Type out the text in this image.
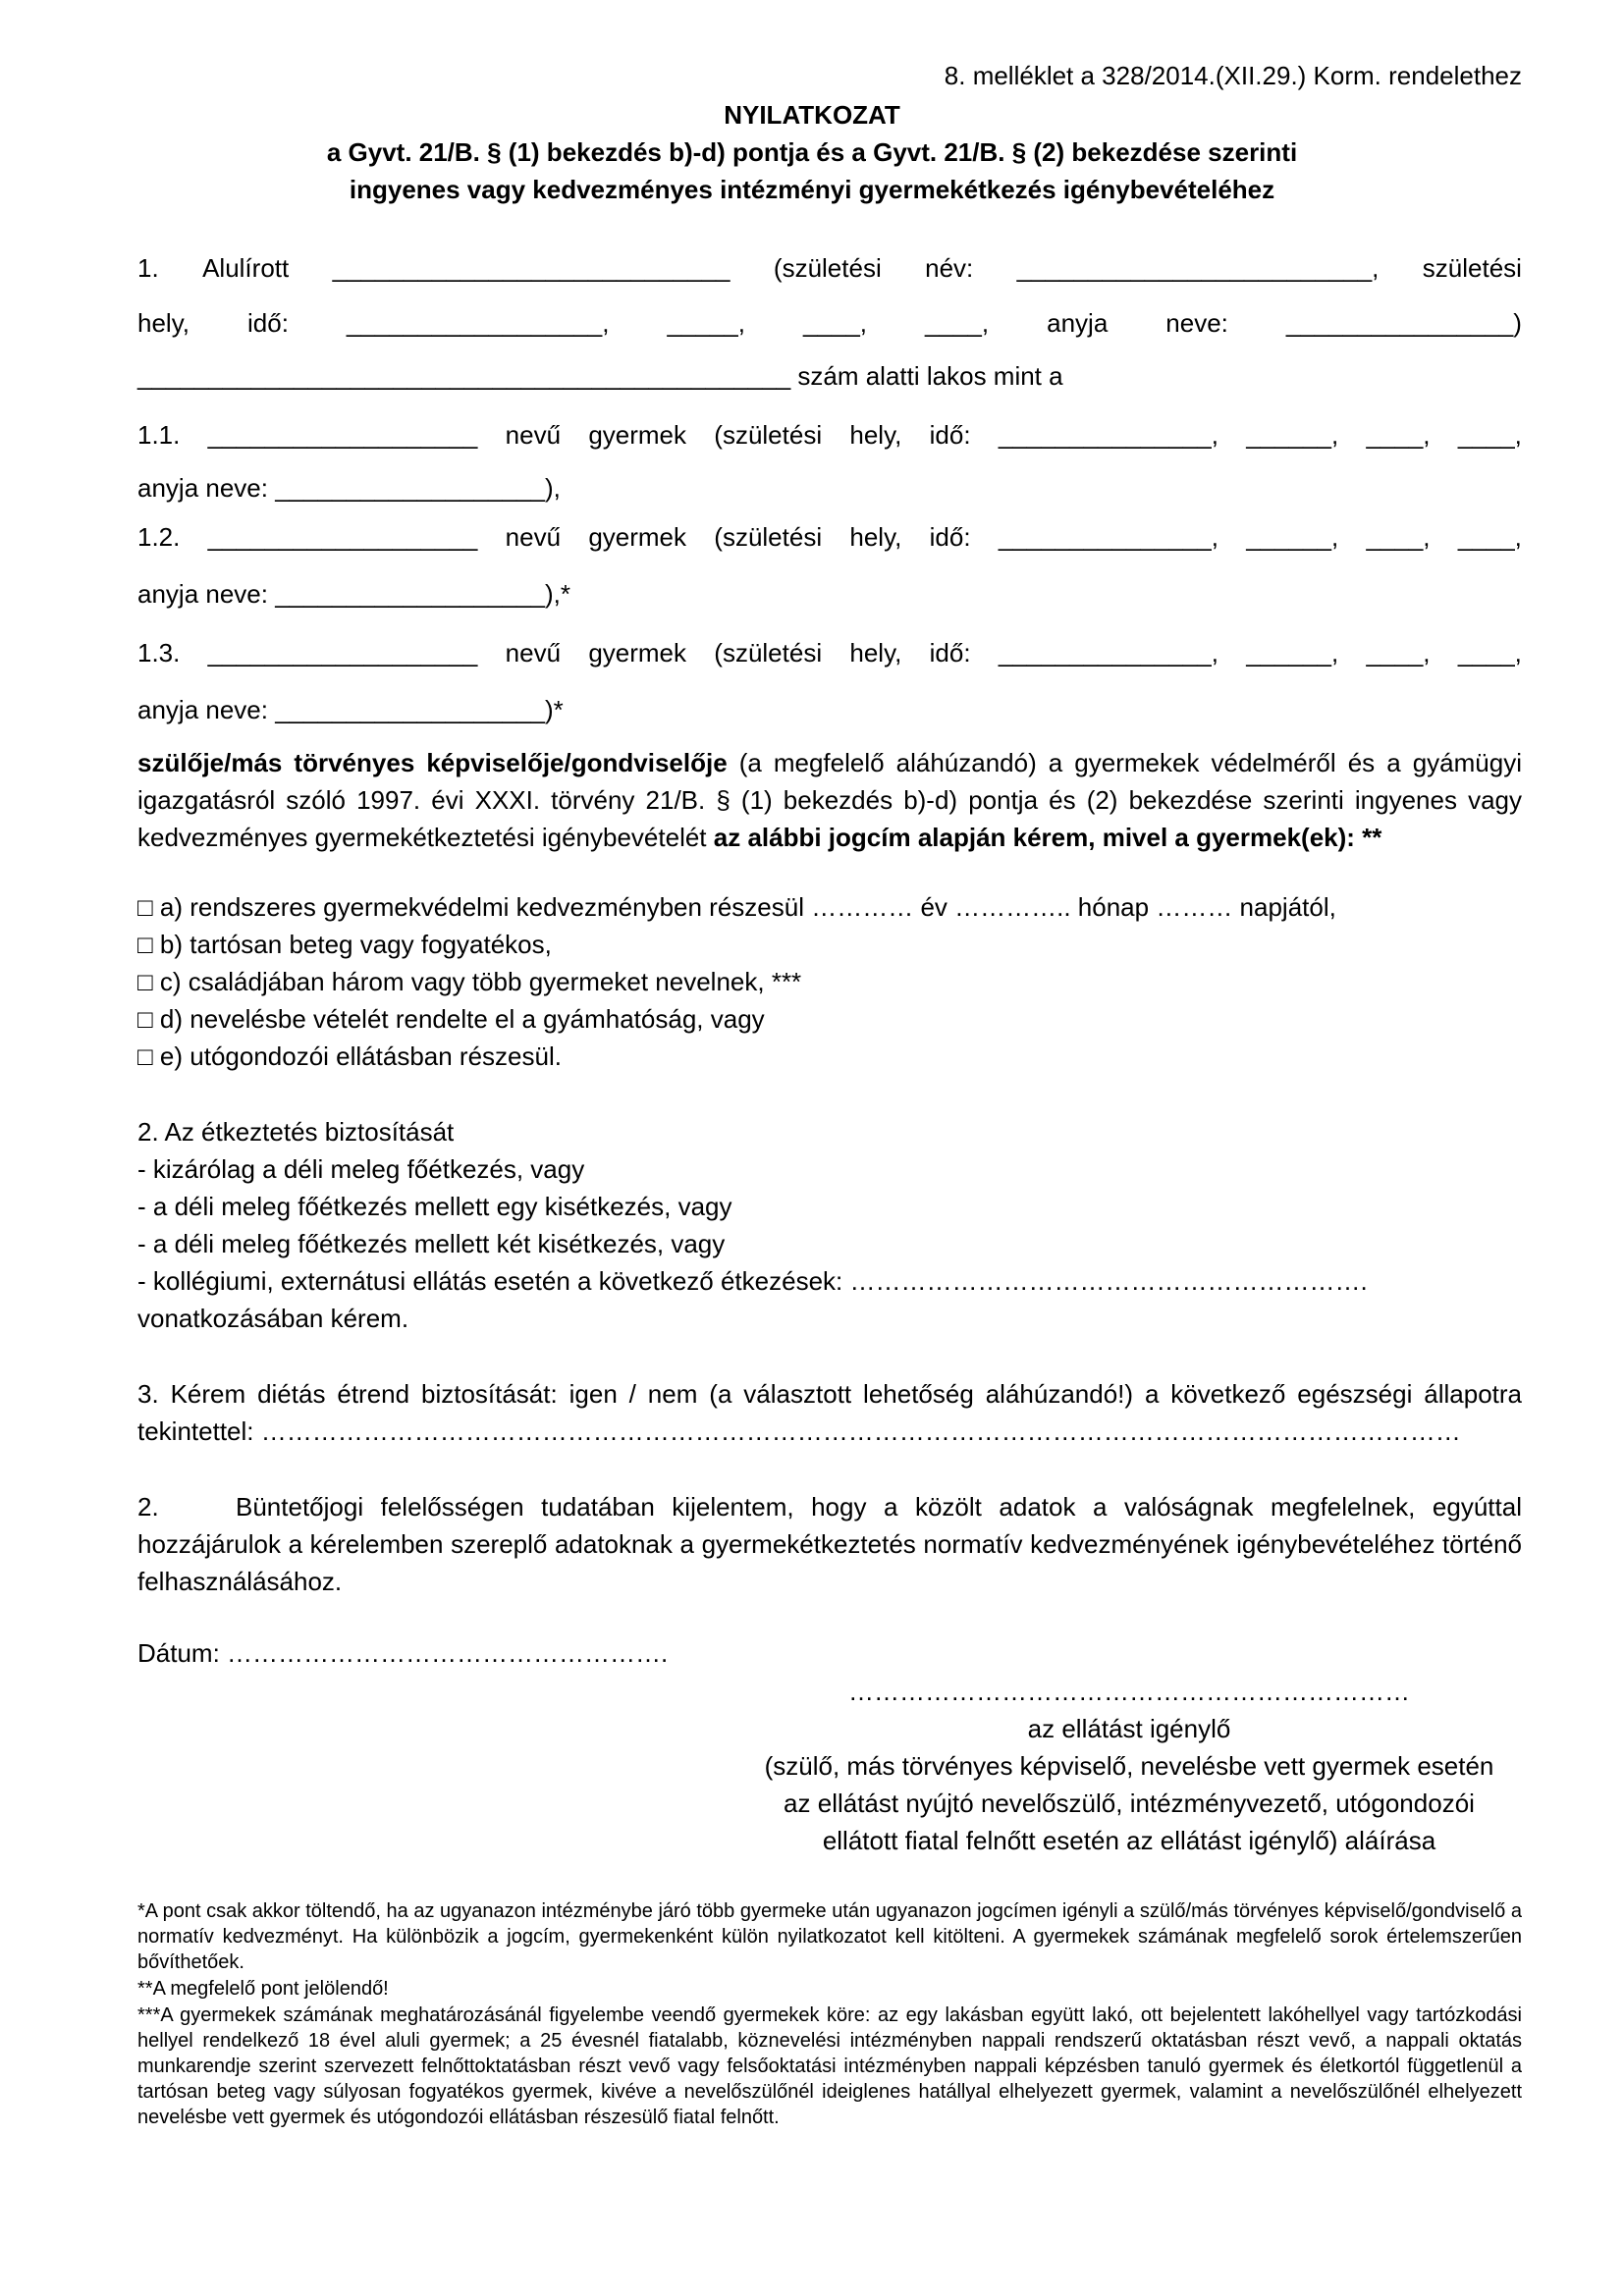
8. melléklet a 328/2014.(XII.29.) Korm. rendelethez
NYILATKOZAT
a Gyvt. 21/B. § (1) bekezdés b)-d) pontja és a Gyvt. 21/B. § (2) bekezdése szerinti
ingyenes vagy kedvezményes intézményi gyermekétkezés igénybevételéhez
1. Alulírott ____________________________ (születési név: _________________________, születési
hely, idő: __________________, _____, ____, ____, anyja neve: ________________)
______________________________________________ szám alatti lakos mint a
1.1. ___________________ nevű gyermek (születési hely, idő: _______________, ______, ____, ____,
anyja neve: ___________________),
1.2. ___________________ nevű gyermek (születési hely, idő: _______________, ______, ____, ____,
anyja neve: ___________________),*
1.3. ___________________ nevű gyermek (születési hely, idő: _______________, ______, ____, ____,
anyja neve: ___________________)*
szülője/más törvényes képviselője/gondviselője (a megfelelő aláhúzandó) a gyermekek védelméről és a gyámügyi igazgatásról szóló 1997. évi XXXI. törvény 21/B. § (1) bekezdés b)-d) pontja és (2) bekezdése szerinti ingyenes vagy kedvezményes gyermekétkeztetési igénybevételét az alábbi jogcím alapján kérem, mivel a gyermek(ek): **
□ a) rendszeres gyermekvédelmi kedvezményben részesül ………… év ………….. hónap ……… napjától,
□ b) tartósan beteg vagy fogyatékos,
□ c) családjában három vagy több gyermeket nevelnek, ***
□ d) nevelésbe vételét rendelte el a gyámhatóság, vagy
□ e) utógondozói ellátásban részesül.
2. Az étkeztetés biztosítását
- kizárólag a déli meleg főétkezés, vagy
- a déli meleg főétkezés mellett egy kisétkezés, vagy
- a déli meleg főétkezés mellett két kisétkezés, vagy
- kollégiumi, externátusi ellátás esetén a következő étkezések: …………………………………………………….
vonatkozásában kérem.
3. Kérem diétás étrend biztosítását: igen / nem (a választott lehetőség aláhúzandó!) a következő egészségi állapotra tekintettel: ……………………………………………………………………………………………………………………………
2.	Büntetőjogi felelősségen tudatában kijelentem, hogy a közölt adatok a valóságnak megfelelnek, egyúttal
hozzájárulok a kérelemben szereplő adatoknak a gyermekétkeztetés normatív kedvezményének igénybevételéhez történő felhasználásához.
Dátum: …………………………………………….
…………………………………………………………
az ellátást igénylő
(szülő, más törvényes képviselő, nevelésbe vett gyermek esetén
az ellátást nyújtó nevelőszülő, intézményvezető, utógondozói
ellátott fiatal felnőtt esetén az ellátást igénylő) aláírása
*A pont csak akkor töltendő, ha az ugyanazon intézménybe járó több gyermeke után ugyanazon jogcímen igényli a szülő/más törvényes képviselő/gondviselő a normatív kedvezményt. Ha különbözik a jogcím, gyermekenként külön nyilatkozatot kell kitölteni. A gyermekek számának megfelelő sorok értelemszerűen bővíthetőek.
**A megfelelő pont jelölendő!
***A gyermekek számának meghatározásánál figyelembe veendő gyermekek köre: az egy lakásban együtt lakó, ott bejelentett lakóhellyel vagy tartózkodási hellyel rendelkező 18 ével aluli gyermek; a 25 évesnél fiatalabb, köznevelési intézményben nappali rendszerű oktatásban részt vevő, a nappali oktatás munkarendje szerint szervezett felnőttoktatásban részt vevő vagy felsőoktatási intézményben nappali képzésben tanuló gyermek és életkortól függetlenül a tartósan beteg vagy súlyosan fogyatékos gyermek, kivéve a nevelőszülőnél ideiglenes hatállyal elhelyezett gyermek, valamint a nevelőszülőnél elhelyezett nevelésbe vett gyermek és utógondozói ellátásban részesülő fiatal felnőtt.
